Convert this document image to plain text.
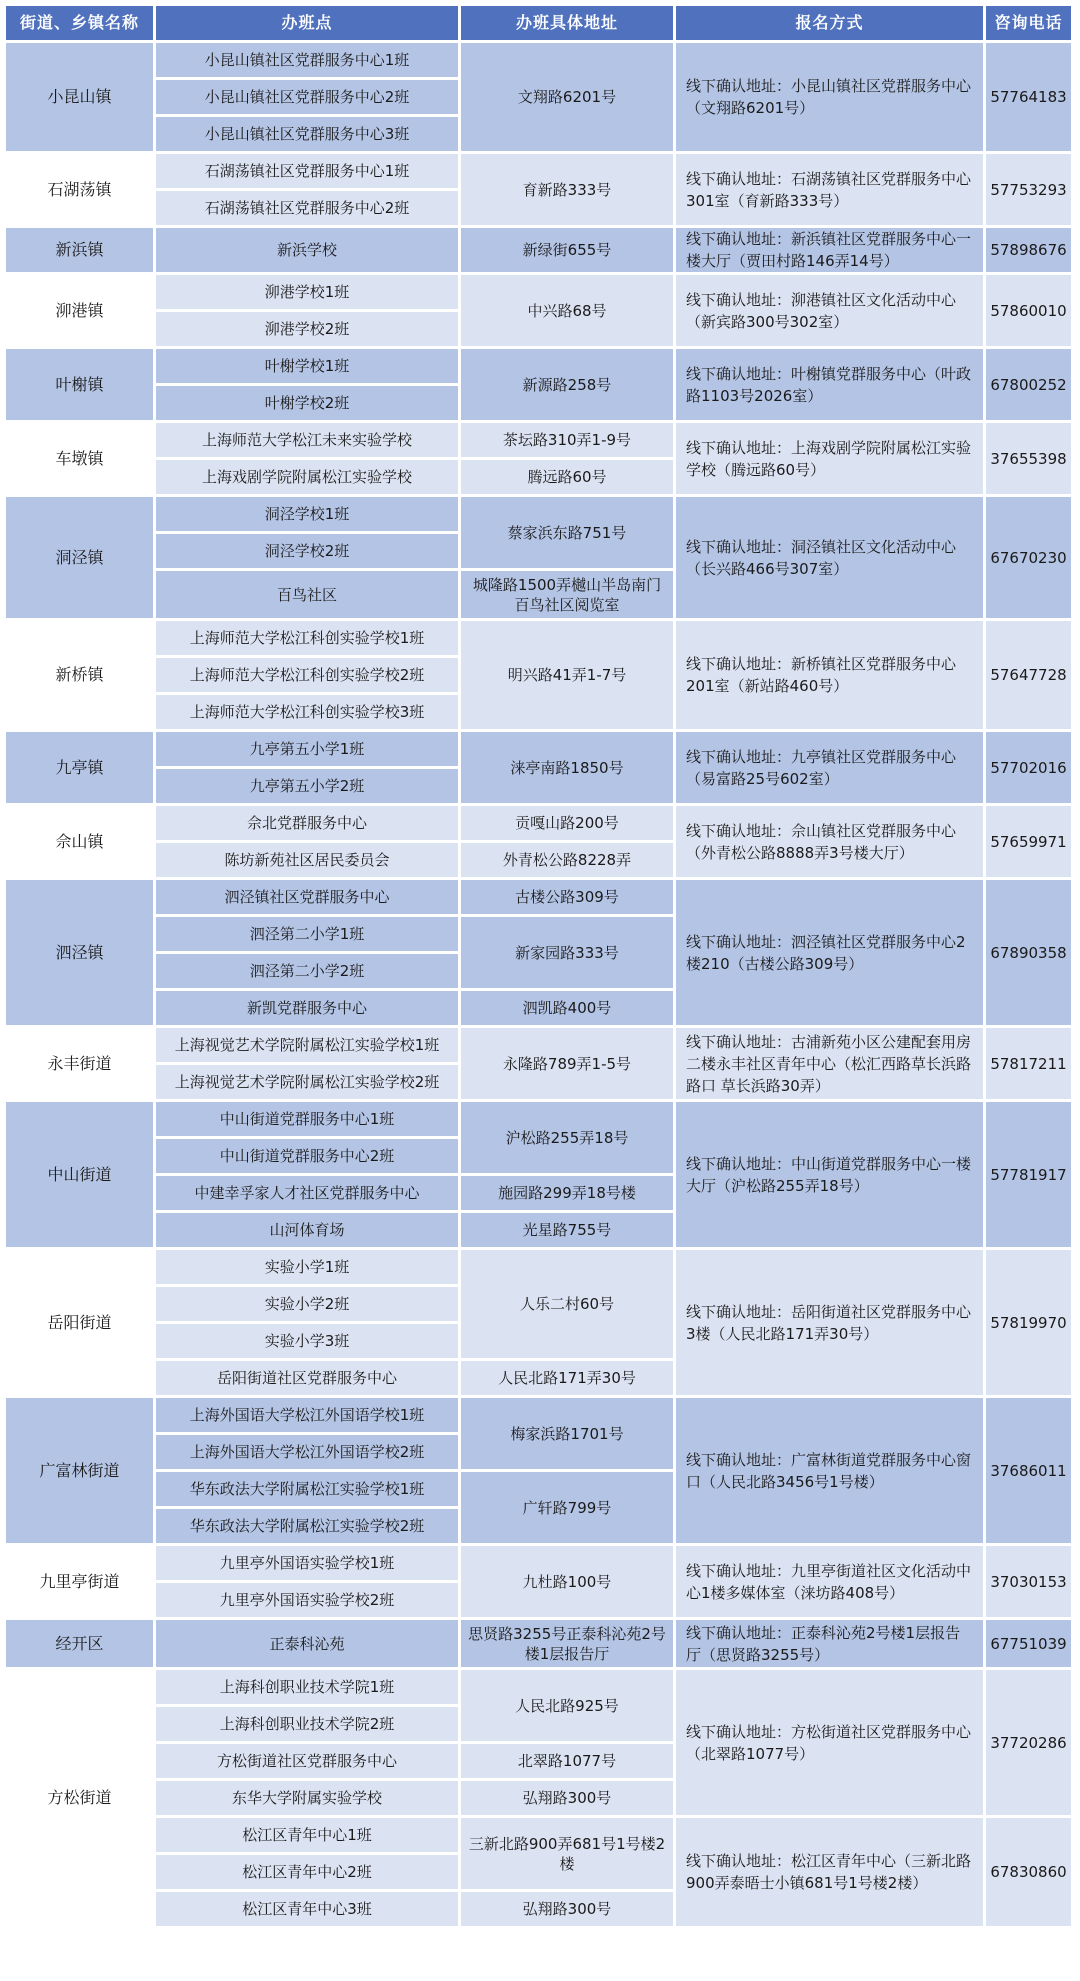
街道、乡镇名称	办班点	办班具体地址	报名方式	咨询电话
小昆山镇	小昆山镇社区党群服务中心1班	文翔路6201号	线下确认地址：小昆山镇社区党群服务中心（文翔路6201号）	57764183
	小昆山镇社区党群服务中心2班			
	小昆山镇社区党群服务中心3班			
石湖荡镇	石湖荡镇社区党群服务中心1班	育新路333号	线下确认地址：石湖荡镇社区党群服务中心301室（育新路333号）	57753293
	石湖荡镇社区党群服务中心2班			
新浜镇	新浜学校	新绿街655号	线下确认地址：新浜镇社区党群服务中心一楼大厅（贾田村路146弄14号）	57898676
泖港镇	泖港学校1班	中兴路68号	线下确认地址：泖港镇社区文化活动中心（新宾路300号302室）	57860010
	泖港学校2班			
叶榭镇	叶榭学校1班	新源路258号	线下确认地址：叶榭镇党群服务中心（叶政路1103号2026室）	67800252
	叶榭学校2班			
车墩镇	上海师范大学松江未来实验学校	茶坛路310弄1-9号	线下确认地址：上海戏剧学院附属松江实验学校（腾远路60号）	37655398
	上海戏剧学院附属松江实验学校	腾远路60号		
洞泾镇	洞泾学校1班	蔡家浜东路751号	线下确认地址：洞泾镇社区文化活动中心（长兴路466号307室）	67670230
	洞泾学校2班			
	百鸟社区	城隆路1500弄樾山半岛南门百鸟社区阅览室		
新桥镇	上海师范大学松江科创实验学校1班	明兴路41弄1-7号	线下确认地址：新桥镇社区党群服务中心201室（新站路460号）	57647728
	上海师范大学松江科创实验学校2班			
	上海师范大学松江科创实验学校3班			
九亭镇	九亭第五小学1班	涞亭南路1850号	线下确认地址：九亭镇社区党群服务中心（易富路25号602室）	57702016
	九亭第五小学2班			
佘山镇	佘北党群服务中心	贡嘎山路200号	线下确认地址：佘山镇社区党群服务中心（外青松公路8888弄3号楼大厅）	57659971
	陈坊新苑社区居民委员会	外青松公路8228弄		
泗泾镇	泗泾镇社区党群服务中心	古楼公路309号	线下确认地址：泗泾镇社区党群服务中心2楼210（古楼公路309号）	67890358
	泗泾第二小学1班	新家园路333号		
	泗泾第二小学2班			
	新凯党群服务中心	泗凯路400号		
永丰街道	上海视觉艺术学院附属松江实验学校1班	永隆路789弄1-5号	线下确认地址：古浦新苑小区公建配套用房二楼永丰社区青年中心（松汇西路草长浜路路口 草长浜路30弄）	57817211
	上海视觉艺术学院附属松江实验学校2班			
中山街道	中山街道党群服务中心1班	沪松路255弄18号	线下确认地址：中山街道党群服务中心一楼大厅（沪松路255弄18号）	57781917
	中山街道党群服务中心2班			
	中建幸孚家人才社区党群服务中心	施园路299弄18号楼		
	山河体育场	光星路755号		
岳阳街道	实验小学1班	人乐二村60号	线下确认地址：岳阳街道社区党群服务中心3楼（人民北路171弄30号）	57819970
	实验小学2班			
	实验小学3班			
	岳阳街道社区党群服务中心	人民北路171弄30号		
广富林街道	上海外国语大学松江外国语学校1班	梅家浜路1701号	线下确认地址：广富林街道党群服务中心窗口（人民北路3456号1号楼）	37686011
	上海外国语大学松江外国语学校2班			
	华东政法大学附属松江实验学校1班	广轩路799号		
	华东政法大学附属松江实验学校2班			
九里亭街道	九里亭外国语实验学校1班	九杜路100号	线下确认地址：九里亭街道社区文化活动中心1楼多媒体室（涞坊路408号）	37030153
	九里亭外国语实验学校2班			
经开区	正泰科沁苑	思贤路3255号正泰科沁苑2号楼1层报告厅	线下确认地址：正泰科沁苑2号楼1层报告厅（思贤路3255号）	67751039
方松街道	上海科创职业技术学院1班	人民北路925号	线下确认地址：方松街道社区党群服务中心（北翠路1077号）	37720286
	上海科创职业技术学院2班			
	方松街道社区党群服务中心	北翠路1077号		
	东华大学附属实验学校	弘翔路300号		
	松江区青年中心1班	三新北路900弄681号1号楼2楼	线下确认地址：松江区青年中心（三新北路900弄泰晤士小镇681号1号楼2楼）	67830860
	松江区青年中心2班			
	松江区青年中心3班	弘翔路300号		
